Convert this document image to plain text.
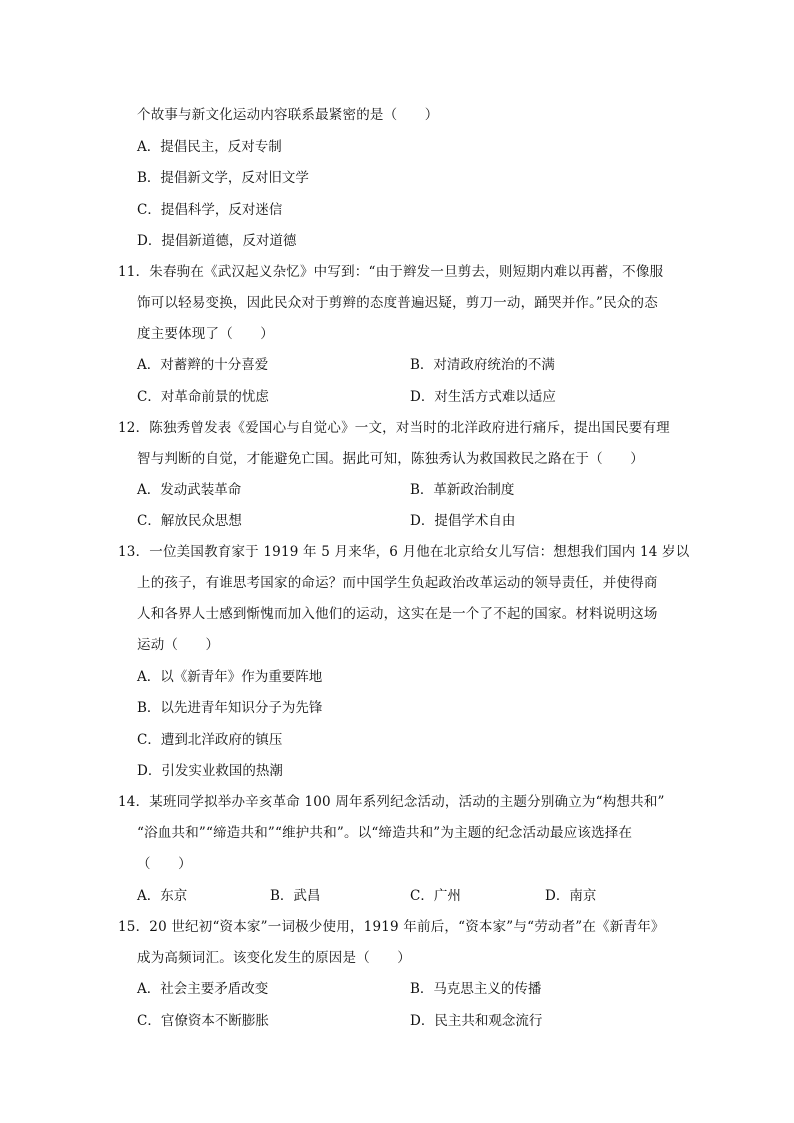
个故事与新文化运动内容联系最紧密的是（　　）
A．提倡民主，反对专制
B．提倡新文学，反对旧文学
C．提倡科学，反对迷信
D．提倡新道德，反对道德
11．朱春驹在《武汉起义杂忆》中写到：“由于辫发一旦剪去，则短期内难以再蓄，不像服
饰可以轻易变换，因此民众对于剪辫的态度普遍迟疑，剪刀一动，踊哭并作。”民众的态
度主要体现了（　　）
A．对蓄辫的十分喜爱	B．对清政府统治的不满
C．对革命前景的忧虑	D．对生活方式难以适应
12．陈独秀曾发表《爱国心与自觉心》一文，对当时的北洋政府进行痛斥，提出国民要有理
智与判断的自觉，才能避免亡国。据此可知，陈独秀认为救国救民之路在于（　　）
A．发动武装革命	B．革新政治制度
C．解放民众思想	D．提倡学术自由
13．一位美国教育家于 1919 年 5 月来华，6 月他在北京给女儿写信：想想我们国内 14 岁以
上的孩子，有谁思考国家的命运？而中国学生负起政治改革运动的领导责任，并使得商
人和各界人士感到惭愧而加入他们的运动，这实在是一个了不起的国家。材料说明这场
运动（　　）
A．以《新青年》作为重要阵地
B．以先进青年知识分子为先锋
C．遭到北洋政府的镇压
D．引发实业救国的热潮
14．某班同学拟举办辛亥革命 100 周年系列纪念活动，活动的主题分别确立为“构想共和”
“浴血共和”“缔造共和”“维护共和”。以“缔造共和”为主题的纪念活动最应该选择在
（　　）
A．东京	B．武昌	C．广州	D．南京
15．20 世纪初“资本家”一词极少使用，1919 年前后，“资本家”与“劳动者”在《新青年》
成为高频词汇。该变化发生的原因是（　　）
A．社会主要矛盾改变	B．马克思主义的传播
C．官僚资本不断膨胀	D．民主共和观念流行
